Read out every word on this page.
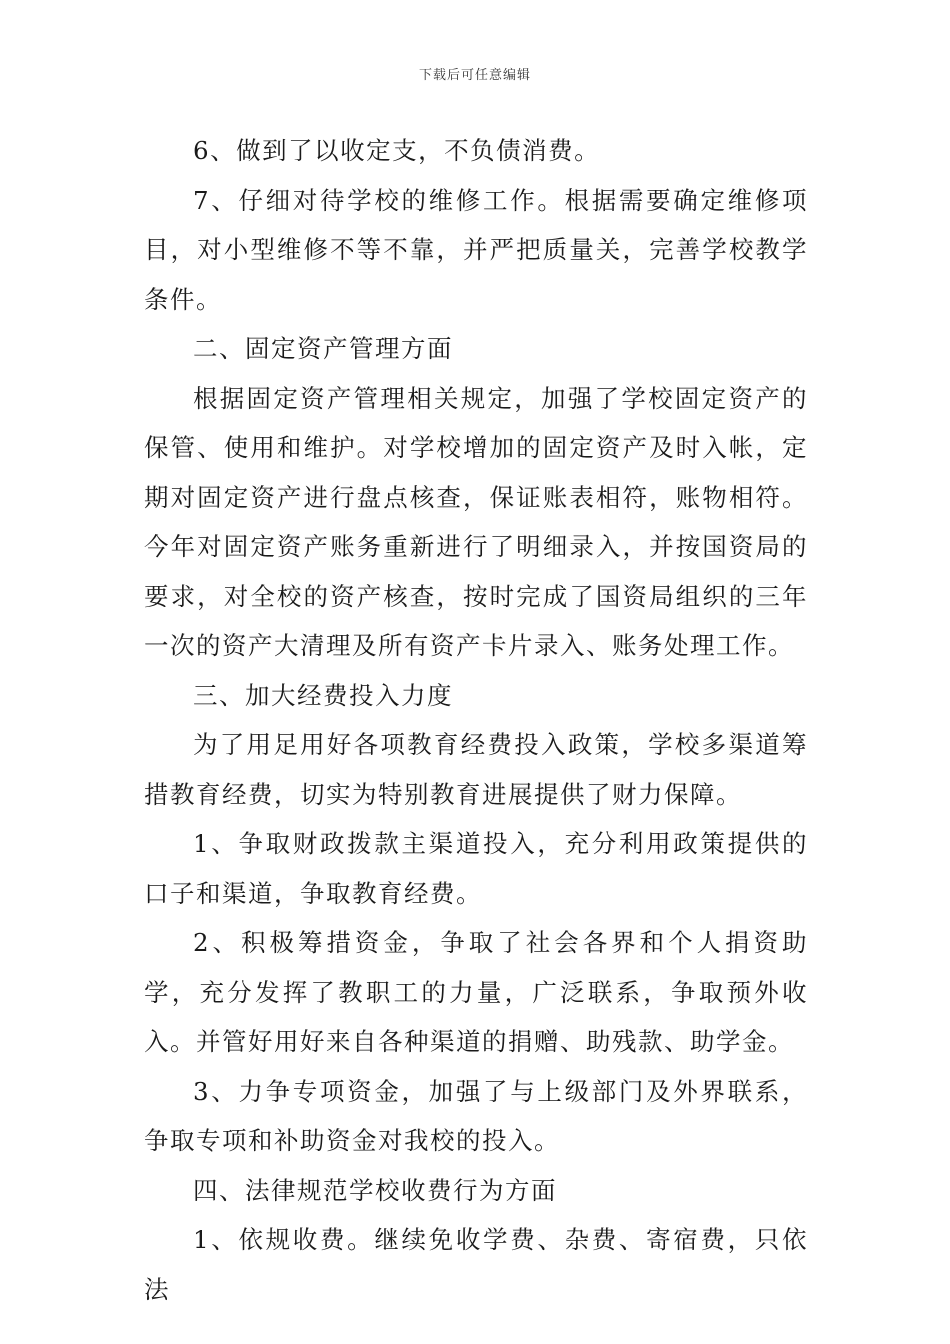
下载后可任意编辑

6、做到了以收定支，不负债消费。

7、仔细对待学校的维修工作。根据需要确定维修项目，对小型维修不等不靠，并严把质量关，完善学校教学条件。

二、固定资产管理方面

根据固定资产管理相关规定，加强了学校固定资产的保管、使用和维护。对学校增加的固定资产及时入帐，定期对固定资产进行盘点核查，保证账表相符，账物相符。今年对固定资产账务重新进行了明细录入，并按国资局的要求，对全校的资产核查，按时完成了国资局组织的三年一次的资产大清理及所有资产卡片录入、账务处理工作。

三、加大经费投入力度

为了用足用好各项教育经费投入政策，学校多渠道筹措教育经费，切实为特别教育进展提供了财力保障。

1、争取财政拨款主渠道投入，充分利用政策提供的口子和渠道，争取教育经费。

2、积极筹措资金，争取了社会各界和个人捐资助学，充分发挥了教职工的力量，广泛联系，争取预外收入。并管好用好来自各种渠道的捐赠、助残款、助学金。

3、力争专项资金，加强了与上级部门及外界联系，争取专项和补助资金对我校的投入。

四、法律规范学校收费行为方面

1、依规收费。继续免收学费、杂费、寄宿费，只依法
